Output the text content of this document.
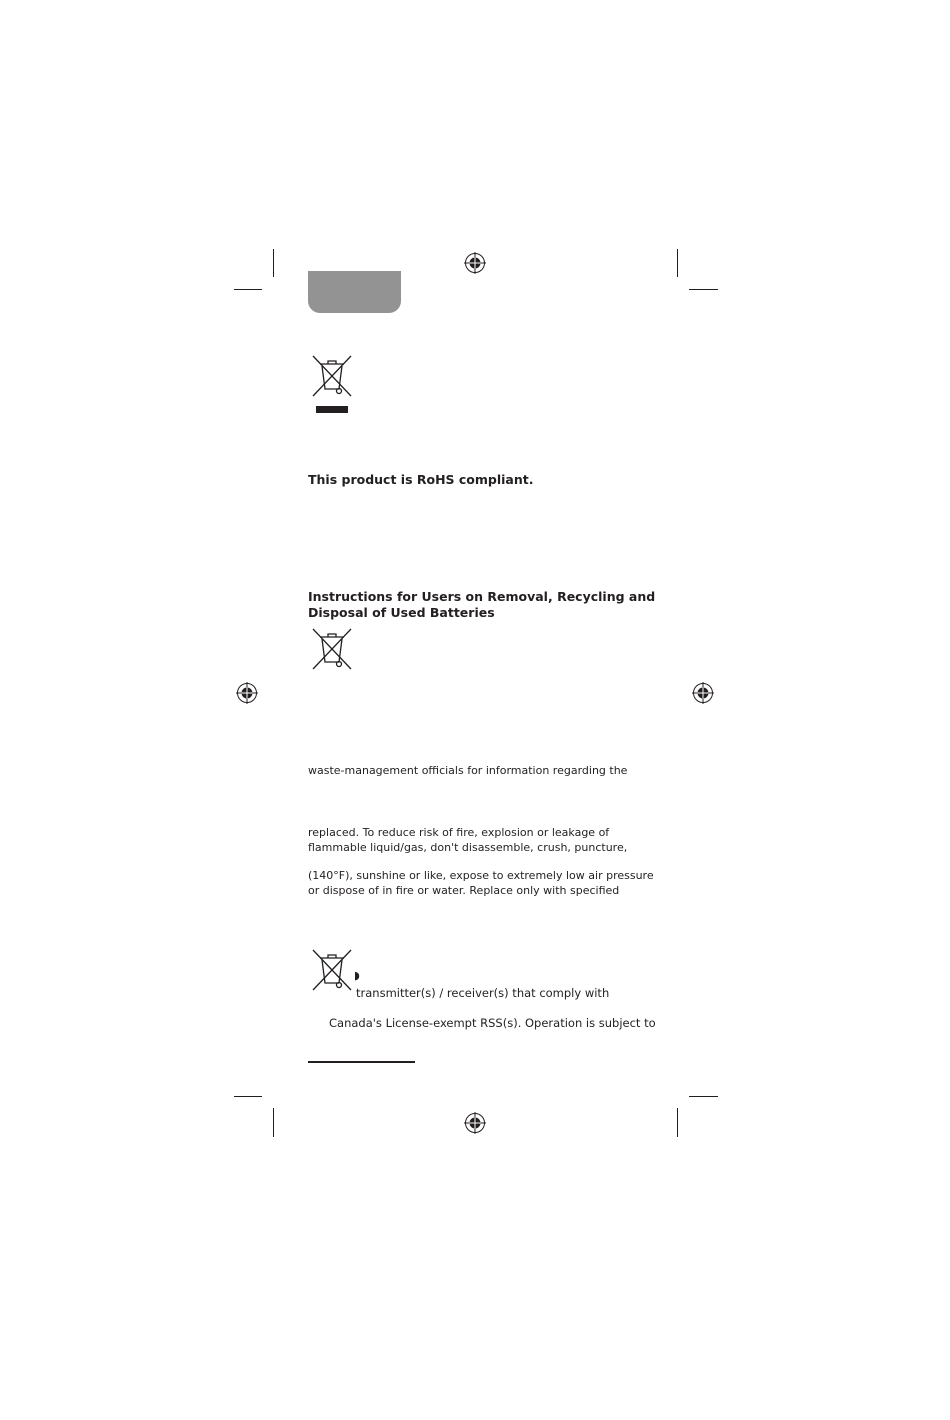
This product is RoHS compliant.
Instructions for Users on Removal, Recycling and
Disposal of Used Batteries
waste-management officials for information regarding the
replaced. To reduce risk of fire, explosion or leakage of
flammable liquid/gas, don't disassemble, crush, puncture,
(140°F), sunshine or like, expose to extremely low air pressure
or dispose of in fire or water. Replace only with specified
◗
transmitter(s) / receiver(s) that comply with
Canada's License-exempt RSS(s). Operation is subject to
